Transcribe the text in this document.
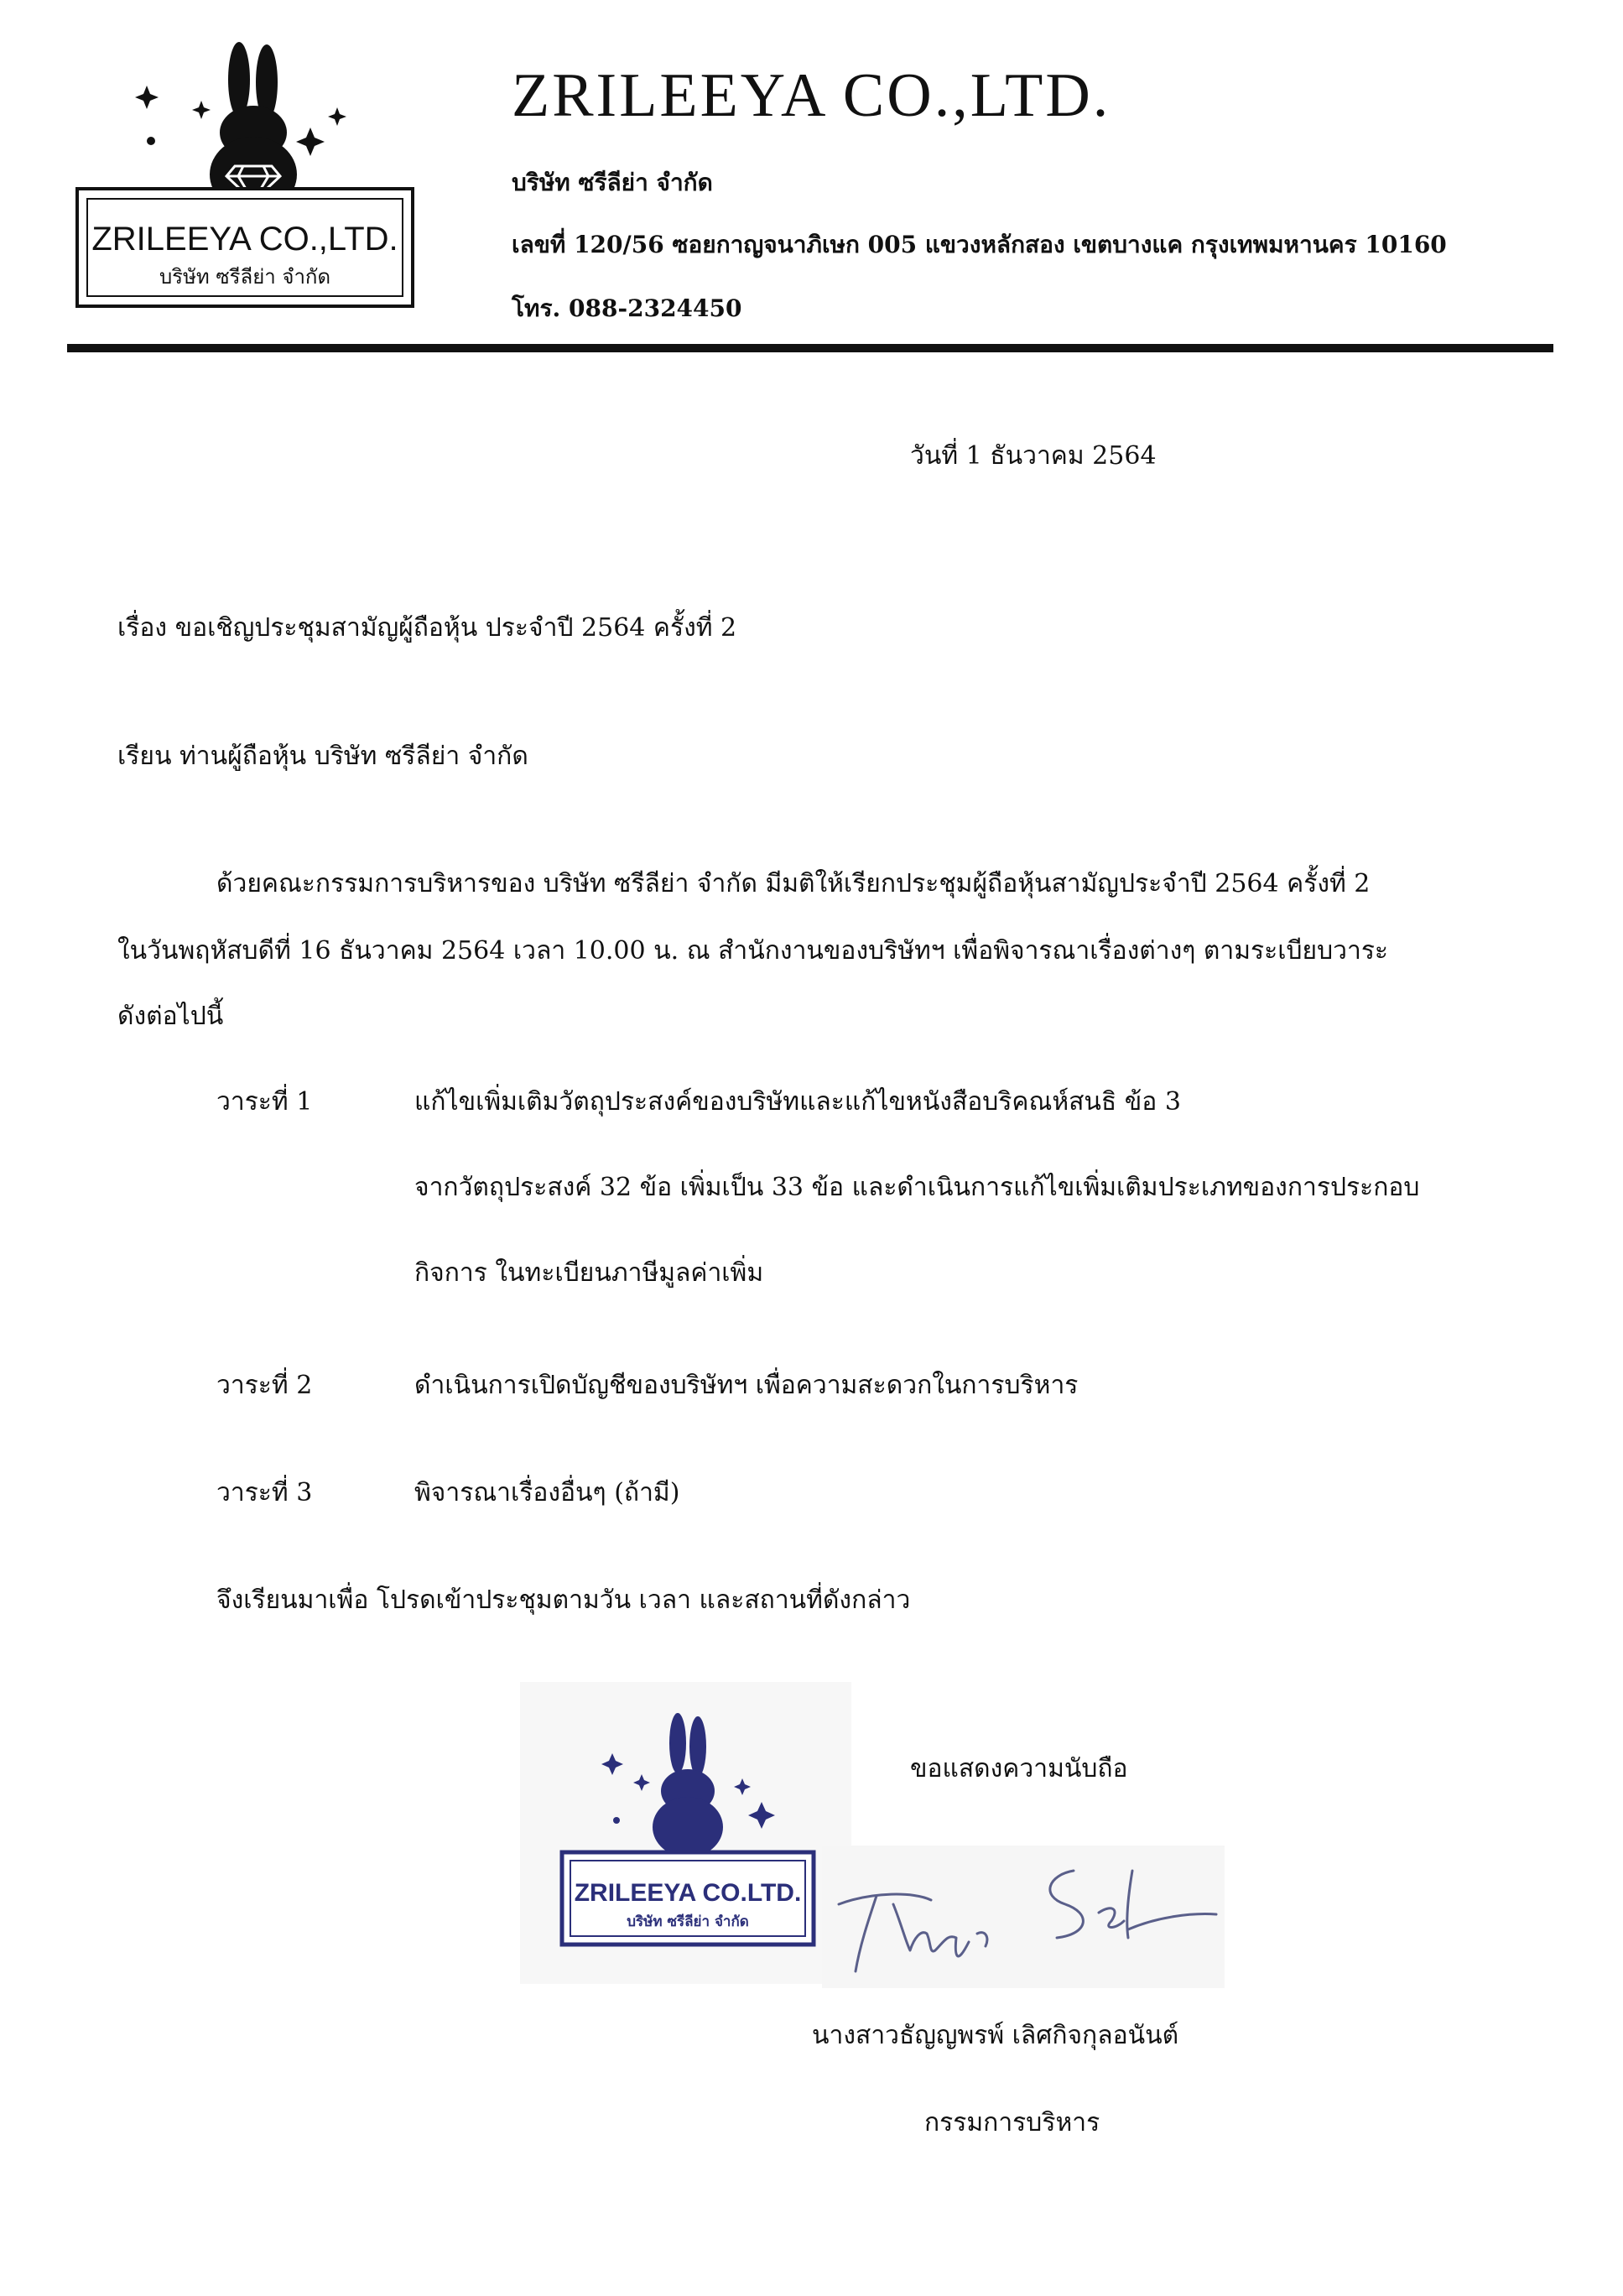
ZRILEEYA CO.,LTD.
บริษัท ซรีลีย่า จำกัด
ZRILEEYA CO.,LTD.
บริษัท ซรีลีย่า จำกัด
เลขที่ 120/56 ซอยกาญจนาภิเษก 005 แขวงหลักสอง เขตบางแค กรุงเทพมหานคร 10160
โทร. 088-2324450
วันที่ 1 ธันวาคม 2564
เรื่อง ขอเชิญประชุมสามัญผู้ถือหุ้น ประจำปี 2564 ครั้งที่ 2
เรียน ท่านผู้ถือหุ้น บริษัท ซรีลีย่า จำกัด
ด้วยคณะกรรมการบริหารของ บริษัท ซรีลีย่า จำกัด มีมติให้เรียกประชุมผู้ถือหุ้นสามัญประจำปี 2564 ครั้งที่ 2
ในวันพฤหัสบดีที่ 16 ธันวาคม 2564 เวลา 10.00 น. ณ สำนักงานของบริษัทฯ เพื่อพิจารณาเรื่องต่างๆ ตามระเบียบวาระ
ดังต่อไปนี้
วาระที่ 1	แก้ไขเพิ่มเติมวัตถุประสงค์ของบริษัทและแก้ไขหนังสือบริคณห์สนธิ ข้อ 3
จากวัตถุประสงค์ 32 ข้อ เพิ่มเป็น 33 ข้อ และดำเนินการแก้ไขเพิ่มเติมประเภทของการประกอบ
กิจการ ในทะเบียนภาษีมูลค่าเพิ่ม
วาระที่ 2	ดำเนินการเปิดบัญชีของบริษัทฯ เพื่อความสะดวกในการบริหาร
วาระที่ 3	พิจารณาเรื่องอื่นๆ (ถ้ามี)
จึงเรียนมาเพื่อ โปรดเข้าประชุมตามวัน เวลา และสถานที่ดังกล่าว
ZRILEEYA CO.LTD.
บริษัท ซรีลีย่า จำกัด
ขอแสดงความนับถือ
นางสาวธัญญพรพ์ เลิศกิจกุลอนันต์
กรรมการบริหาร
